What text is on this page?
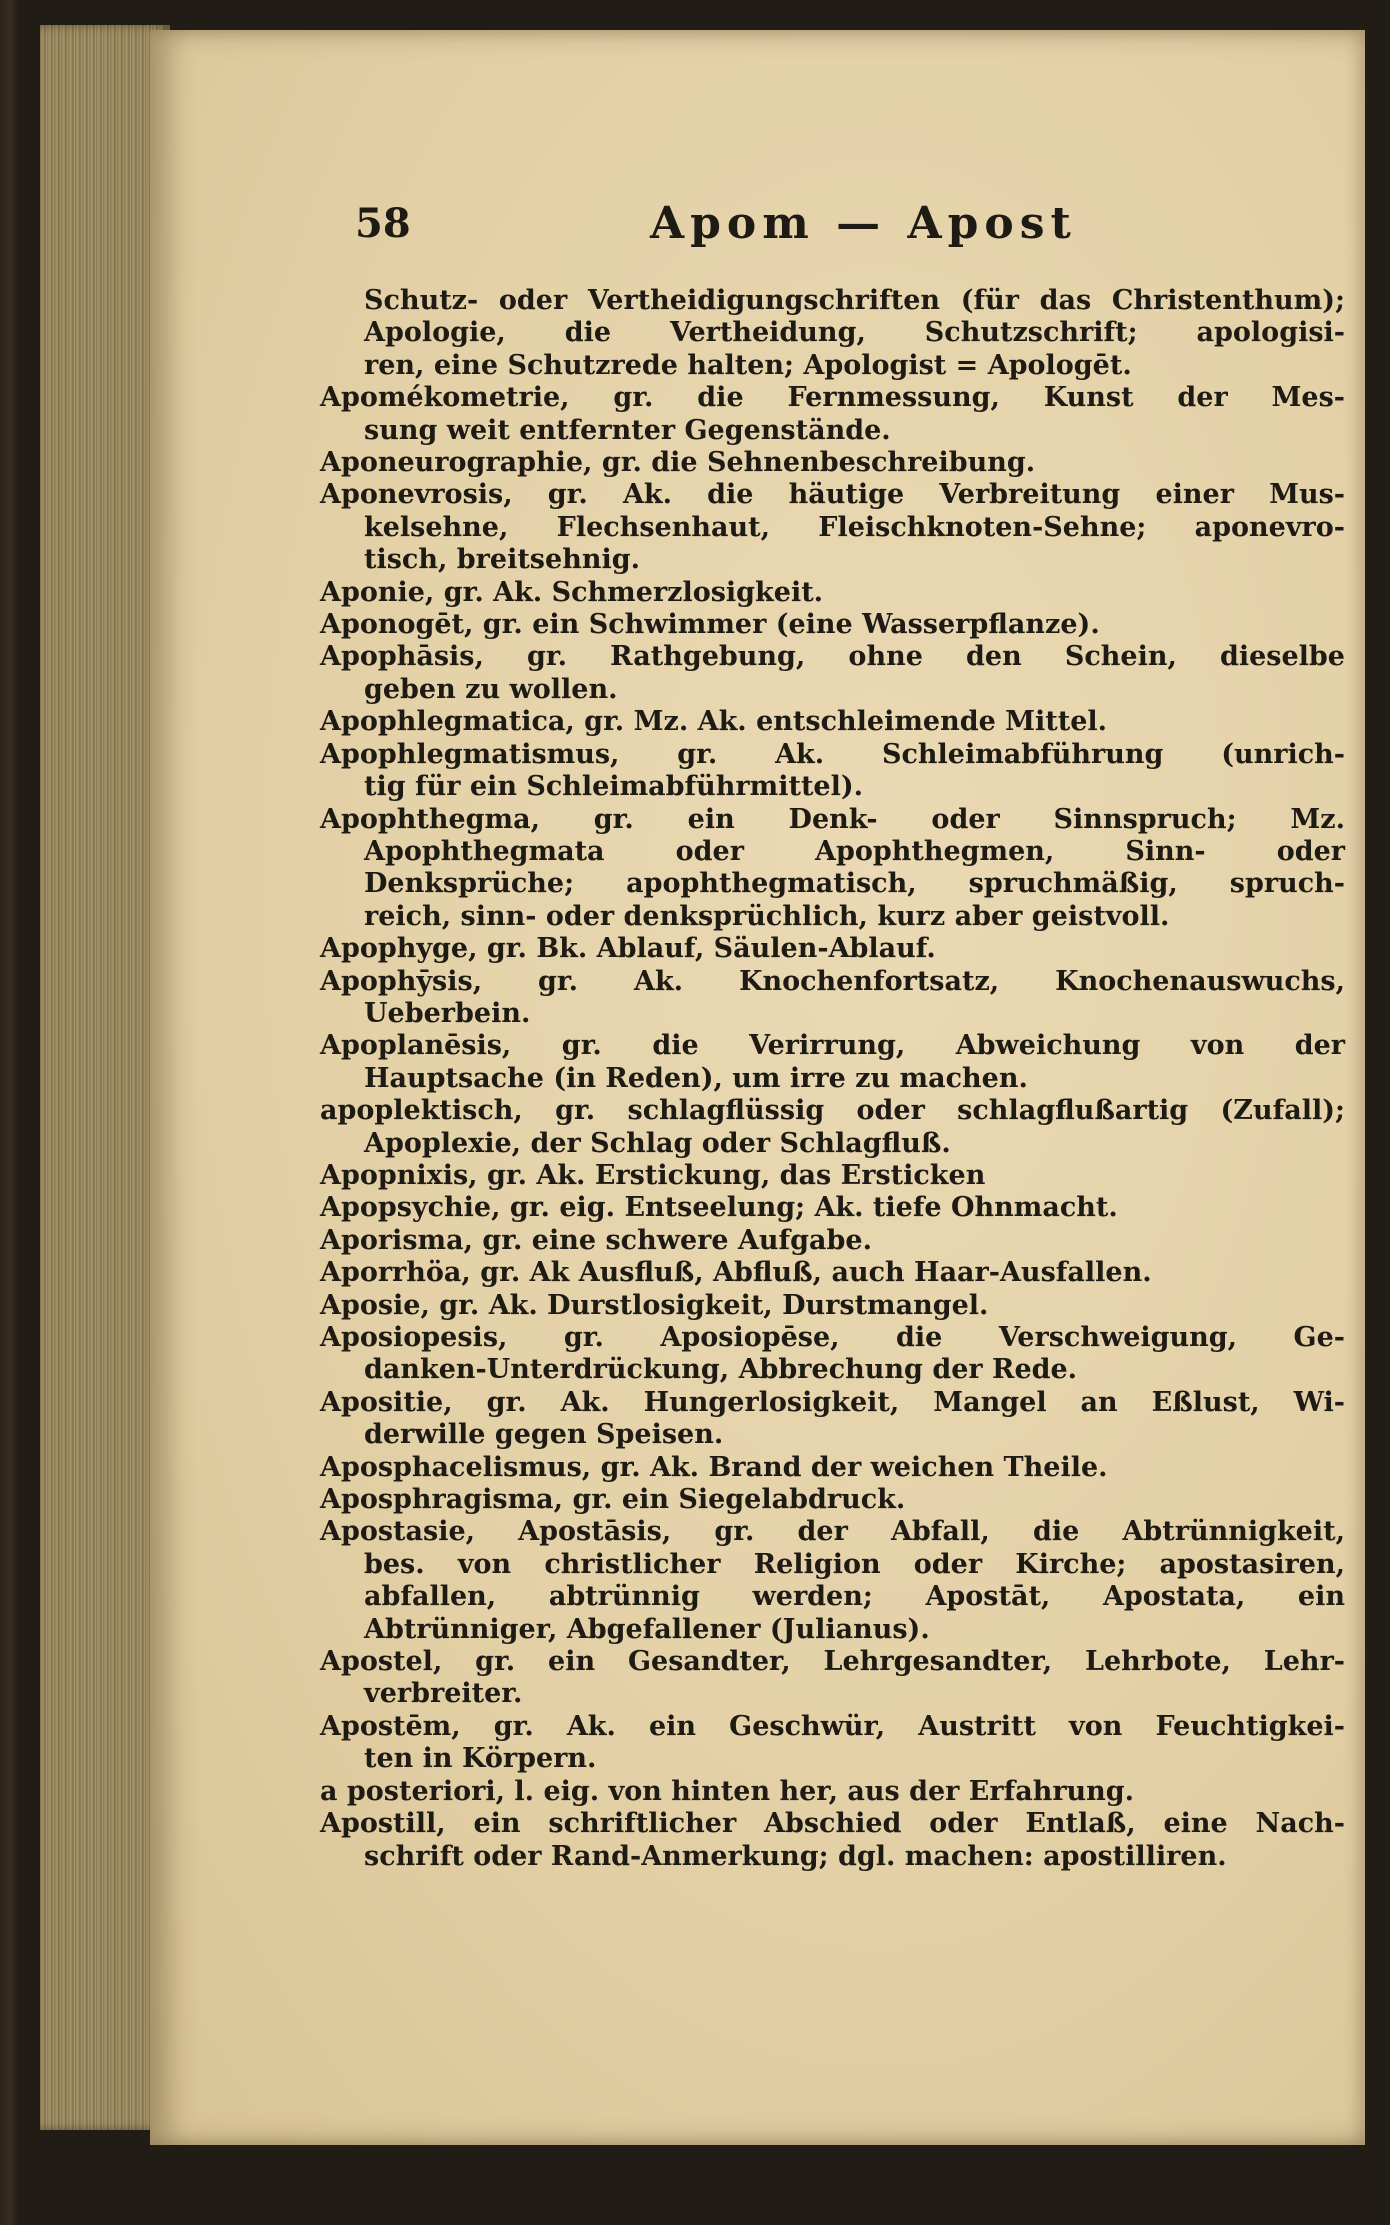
58	Apom — Apost
Schutz- oder Vertheidigungschriften (für das Christenthum);
Apologie, die Vertheidung, Schutzschrift; apologisi-
ren, eine Schutzrede halten; Apologist = Apologēt.
Apomékometrie, gr. die Fernmessung, Kunst der Mes-
sung weit entfernter Gegenstände.
Aponeurographie, gr. die Sehnenbeschreibung.
Aponevrosis, gr. Ak. die häutige Verbreitung einer Mus-
kelsehne, Flechsenhaut, Fleischknoten-Sehne; aponevro-
tisch, breitsehnig.
Aponie, gr. Ak. Schmerzlosigkeit.
Aponogēt, gr. ein Schwimmer (eine Wasserpflanze).
Apophāsis, gr. Rathgebung, ohne den Schein, dieselbe
geben zu wollen.
Apophlegmatica, gr. Mz. Ak. entschleimende Mittel.
Apophlegmatismus, gr. Ak. Schleimabführung (unrich-
tig für ein Schleimabführmittel).
Apophthegma, gr. ein Denk- oder Sinnspruch; Mz.
Apophthegmata oder Apophthegmen, Sinn- oder
Denksprüche; apophthegmatisch, spruchmäßig, spruch-
reich, sinn- oder denksprüchlich, kurz aber geistvoll.
Apophyge, gr. Bk. Ablauf, Säulen-Ablauf.
Apophȳsis, gr. Ak. Knochenfortsatz, Knochenauswuchs,
Ueberbein.
Apoplanēsis, gr. die Verirrung, Abweichung von der
Hauptsache (in Reden), um irre zu machen.
apoplektisch, gr. schlagflüssig oder schlagflußartig (Zufall);
Apoplexie, der Schlag oder Schlagfluß.
Apopnixis, gr. Ak. Erstickung, das Ersticken
Apopsychie, gr. eig. Entseelung; Ak. tiefe Ohnmacht.
Aporisma, gr. eine schwere Aufgabe.
Aporrhöa, gr. Ak Ausfluß, Abfluß, auch Haar-Ausfallen.
Aposie, gr. Ak. Durstlosigkeit, Durstmangel.
Aposiopesis, gr. Aposiopēse, die Verschweigung, Ge-
danken-Unterdrückung, Abbrechung der Rede.
Apositie, gr. Ak. Hungerlosigkeit, Mangel an Eßlust, Wi-
derwille gegen Speisen.
Aposphacelismus, gr. Ak. Brand der weichen Theile.
Aposphragisma, gr. ein Siegelabdruck.
Apostasie, Apostāsis, gr. der Abfall, die Abtrünnigkeit,
bes. von christlicher Religion oder Kirche; apostasiren,
abfallen, abtrünnig werden; Apostāt, Apostata, ein
Abtrünniger, Abgefallener (Julianus).
Apostel, gr. ein Gesandter, Lehrgesandter, Lehrbote, Lehr-
verbreiter.
Apostēm, gr. Ak. ein Geschwür, Austritt von Feuchtigkei-
ten in Körpern.
a posteriori, l. eig. von hinten her, aus der Erfahrung.
Apostill, ein schriftlicher Abschied oder Entlaß, eine Nach-
schrift oder Rand-Anmerkung; dgl. machen: apostilliren.
